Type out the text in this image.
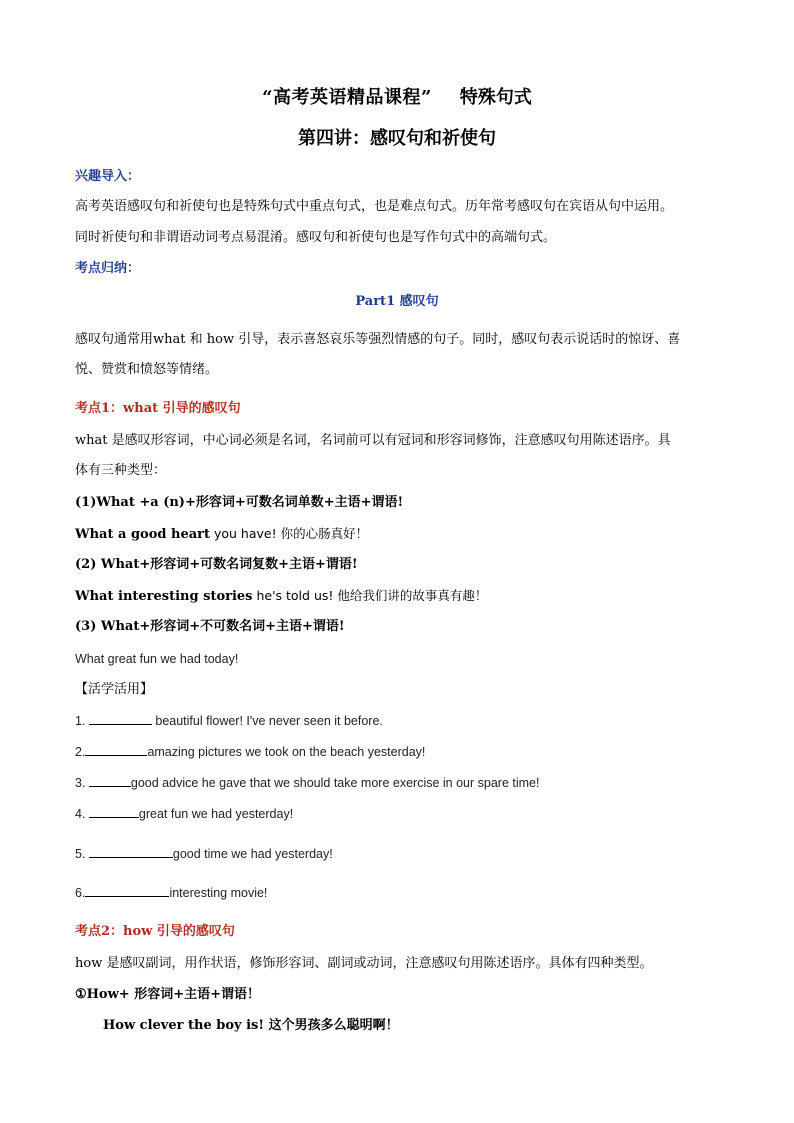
“高考英语精品课程” 特殊句式
第四讲：感叹句和祈使句
兴趣导入：
高考英语感叹句和祈使句也是特殊句式中重点句式，也是难点句式。历年常考感叹句在宾语从句中运用。
同时祈使句和非谓语动词考点易混淆。感叹句和祈使句也是写作句式中的高端句式。
考点归纳：
Part1 感叹句
感叹句通常用what 和 how 引导，表示喜怒哀乐等强烈情感的句子。同时，感叹句表示说话时的惊讶、喜
悦、赞赏和愤怒等情绪。
考点1：what 引导的感叹句
what 是感叹形容词，中心词必须是名词，名词前可以有冠词和形容词修饰，注意感叹句用陈述语序。具
体有三种类型：
(1)What +a (n)+形容词+可数名词单数+主语+谓语!
What a good heart you have! 你的心肠真好！
(2) What+形容词+可数名词复数+主语+谓语!
What interesting stories he's told us! 他给我们讲的故事真有趣！
(3) What+形容词+不可数名词+主语+谓语!
What great fun we had today!
【活学活用】
1.	beautiful flower! I've never seen it before.
2.	amazing pictures we took on the beach yesterday!
3.	good advice he gave that we should take more exercise in our spare time!
4.	great fun we had yesterday!
5.	good time we had yesterday!
6.	interesting movie!
考点2：how 引导的感叹句
how 是感叹副词，用作状语，修饰形容词、副词或动词，注意感叹句用陈述语序。具体有四种类型。
①How+ 形容词+主语+谓语！
How clever the boy is! 这个男孩多么聪明啊！
